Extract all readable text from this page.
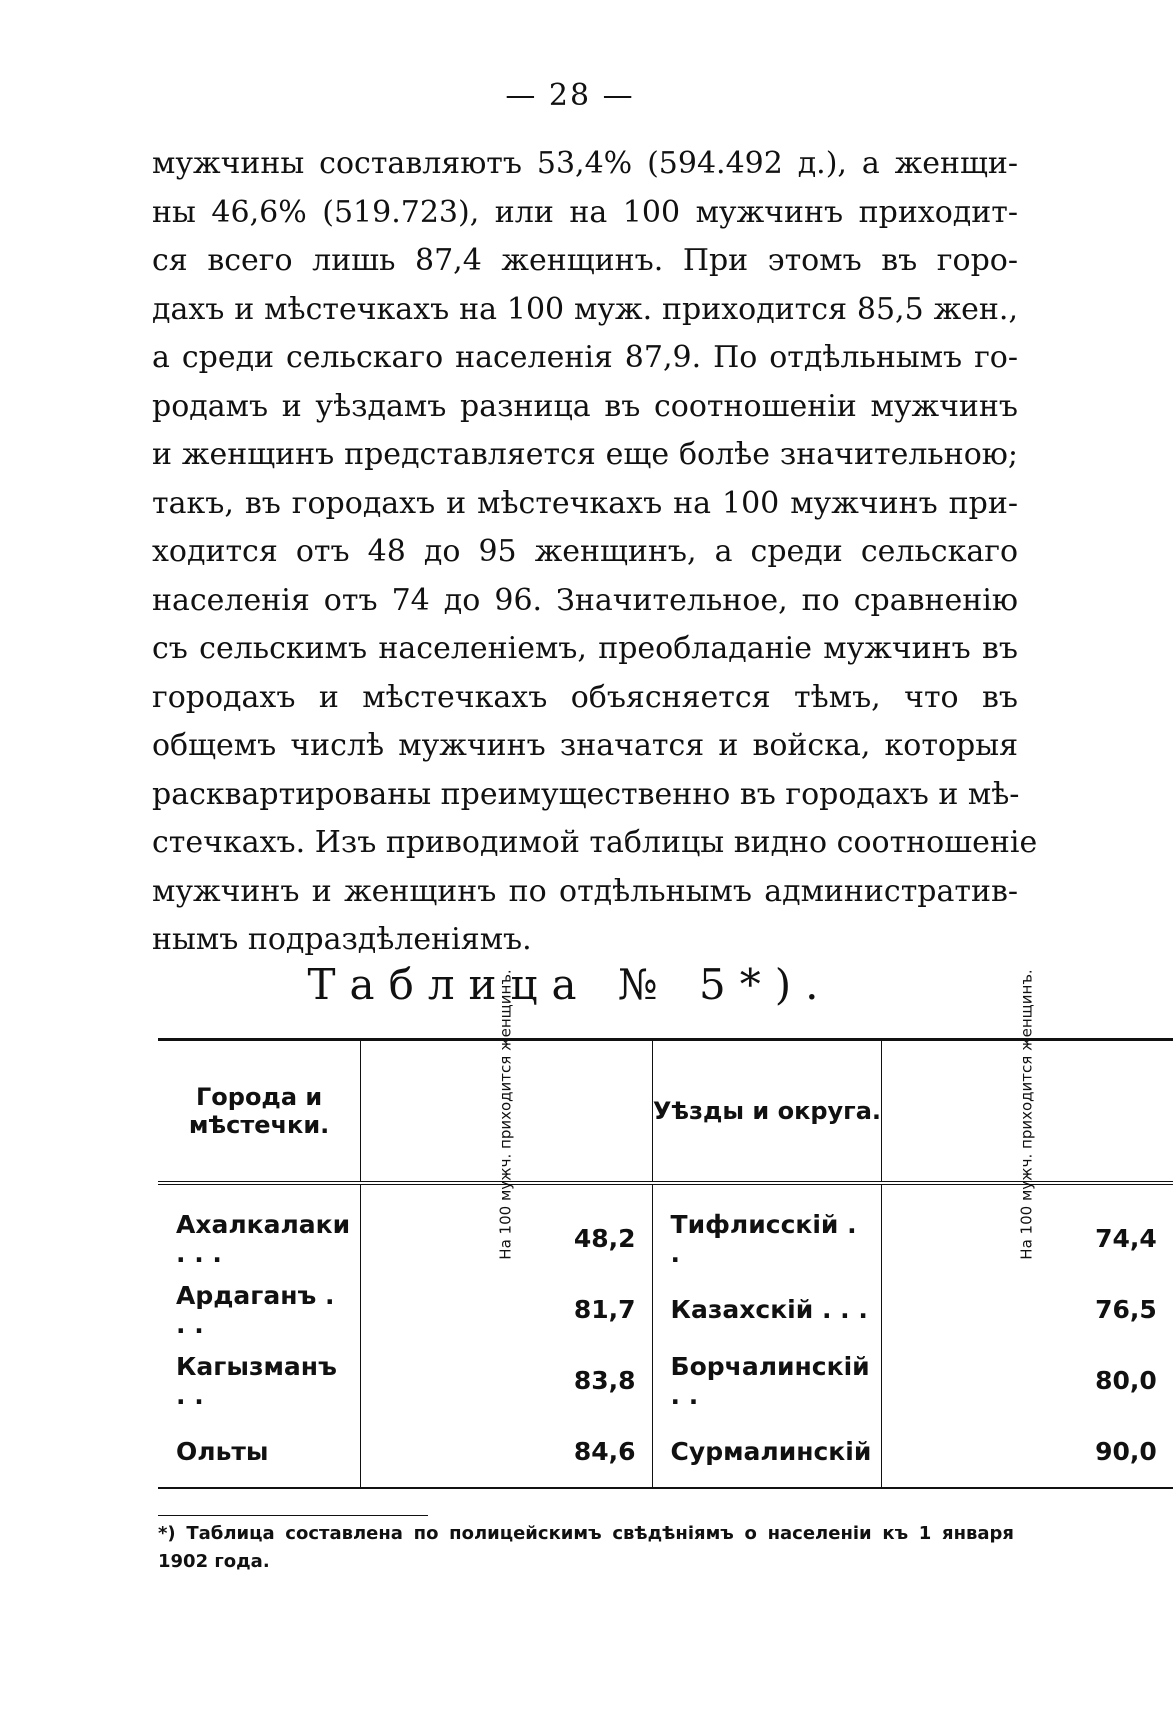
— 28 —
мужчины составляютъ 53,4% (594.492 д.), а женщи-
ны 46,6% (519.723), или на 100 мужчинъ приходит-
ся всего лишь 87,4 женщинъ. При этомъ въ горо-
дахъ и мѣстечкахъ на 100 муж. приходится 85,5 жен.,
а среди сельскаго населенія 87,9. По отдѣльнымъ го-
родамъ и уѣздамъ разница въ соотношеніи мужчинъ
и женщинъ представляется еще болѣе значительною;
такъ, въ городахъ и мѣстечкахъ на 100 мужчинъ при-
ходится отъ 48 до 95 женщинъ, а среди сельскаго
населенія отъ 74 до 96. Значительное, по сравненію
съ сельскимъ населеніемъ, преобладаніе мужчинъ въ
городахъ и мѣстечкахъ объясняется тѣмъ, что въ
общемъ числѣ мужчинъ значатся и войска, которыя
расквартированы преимущественно въ городахъ и мѣ-
стечкахъ. Изъ приводимой таблицы видно соотношеніе
мужчинъ и женщинъ по отдѣльнымъ административ-
нымъ подраздѣленіямъ.
Таблица № 5*).
Города и мѣстечки.	На 100 мужч. приходится женщинъ.	Уѣзды и округа.	На 100 мужч. приходится женщинъ.
Ахалкалаки . . .	48,2	Тифлисскій . .	74,4
Ардаганъ . . .	81,7	Казахскій . . .	76,5
Кагызманъ . .	83,8	Борчалинскій . .	80,0
Ольты	84,6	Сурмалинскій	90,0
*) Таблица составлена по полицейскимъ свѣдѣніямъ о населеніи къ 1 января 1902 года.
